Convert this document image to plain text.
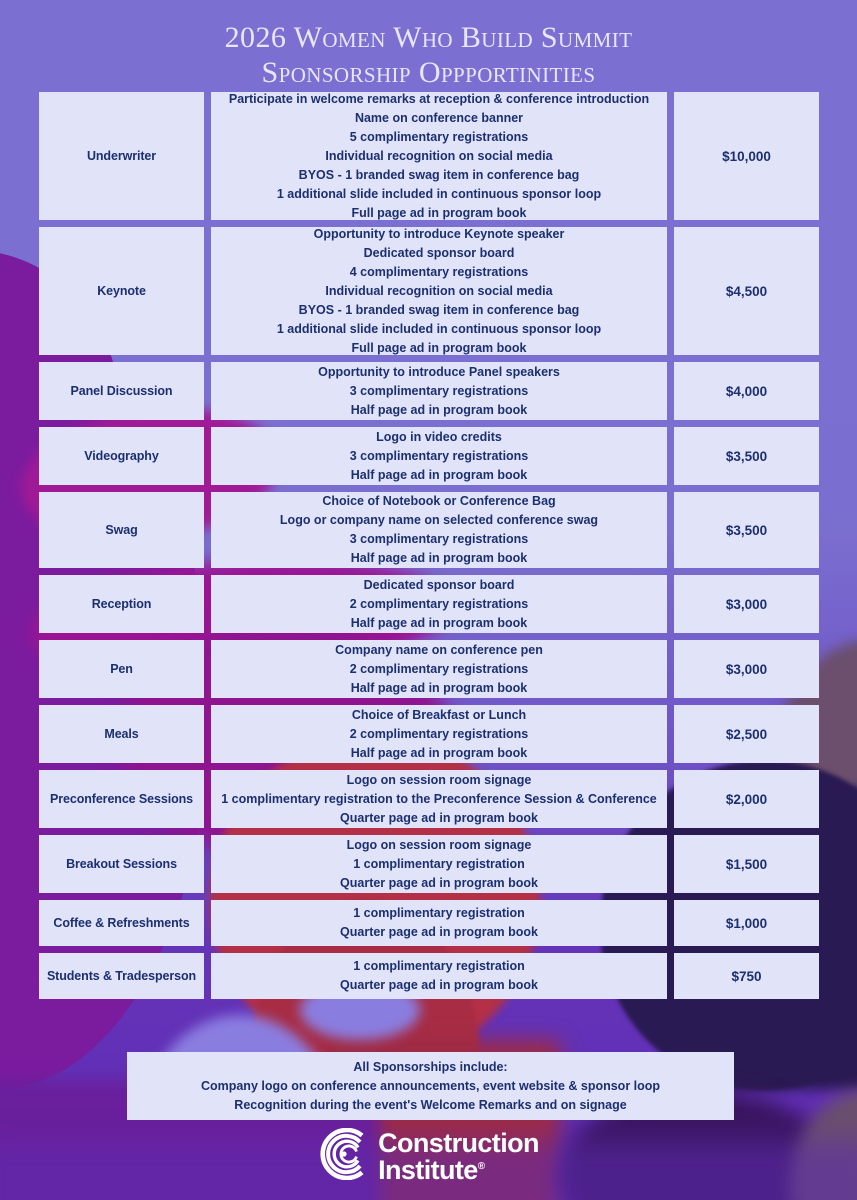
2026 Women Who Build Summit
Sponsorship Oppportinities
Underwriter
Participate in welcome remarks at reception & conference introduction
Name on conference banner
5 complimentary registrations
Individual recognition on social media
BYOS - 1 branded swag item in conference bag
1 additional slide included in continuous sponsor loop
Full page ad in program book
$10,000
Keynote
Opportunity to introduce Keynote speaker
Dedicated sponsor board
4 complimentary registrations
Individual recognition on social media
BYOS - 1 branded swag item in conference bag
1 additional slide included in continuous sponsor loop
Full page ad in program book
$4,500
Panel Discussion
Opportunity to introduce Panel speakers
3 complimentary registrations
Half page ad in program book
$4,000
Videography
Logo in video credits
3 complimentary registrations
Half page ad in program book
$3,500
Swag
Choice of Notebook or Conference Bag
Logo or company name on selected conference swag
3 complimentary registrations
Half page ad in program book
$3,500
Reception
Dedicated sponsor board
2 complimentary registrations
Half page ad in program book
$3,000
Pen
Company name on conference pen
2 complimentary registrations
Half page ad in program book
$3,000
Meals
Choice of Breakfast or Lunch
2 complimentary registrations
Half page ad in program book
$2,500
Preconference Sessions
Logo on session room signage
1 complimentary registration to the Preconference Session & Conference
Quarter page ad in program book
$2,000
Breakout Sessions
Logo on session room signage
1 complimentary registration
Quarter page ad in program book
$1,500
Coffee & Refreshments
1 complimentary registration
Quarter page ad in program book
$1,000
Students & Tradesperson
1 complimentary registration
Quarter page ad in program book
$750
All Sponsorships include:
Company logo on conference announcements, event website & sponsor loop
Recognition during the event's Welcome Remarks and on signage
Construction
Institute®
